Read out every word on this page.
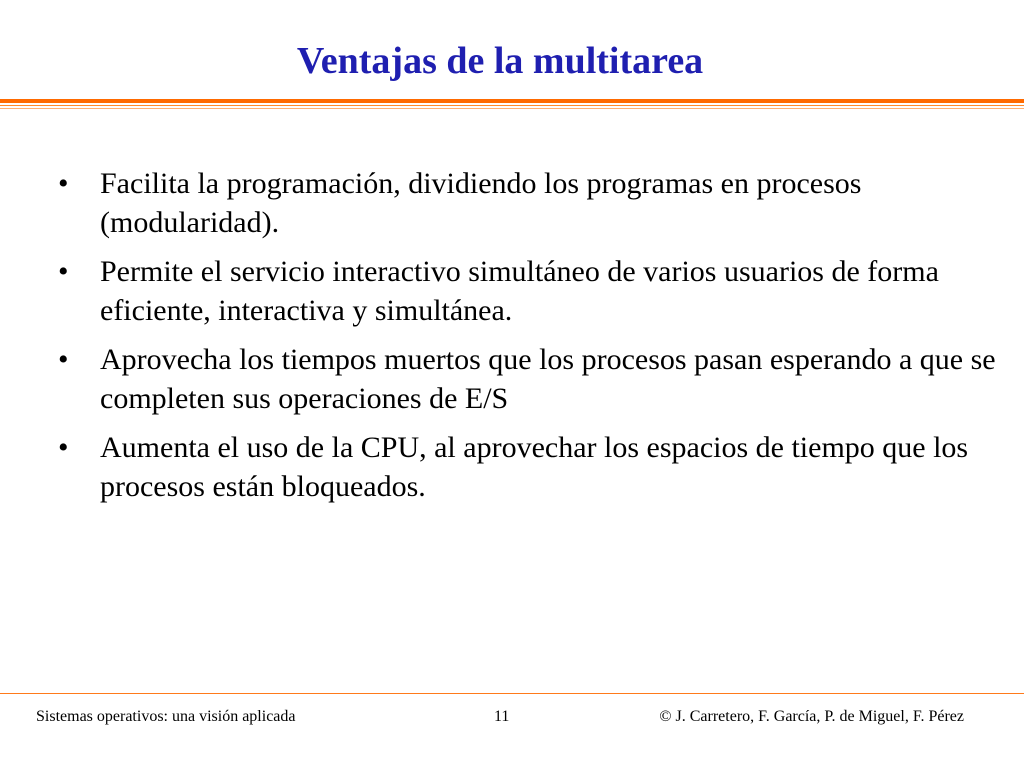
Ventajas de la multitarea
• Facilita la programación, dividiendo los programas en procesos (modularidad).
• Permite el servicio interactivo simultáneo de varios usuarios de forma eficiente, interactiva y simultánea.
• Aprovecha los tiempos muertos que los procesos pasan esperando a que se completen sus operaciones de E/S
• Aumenta el uso de la CPU, al aprovechar los espacios de tiempo que los procesos están bloqueados.
Sistemas operativos: una visión aplicada	11	© J. Carretero, F. García, P. de Miguel, F. Pérez
